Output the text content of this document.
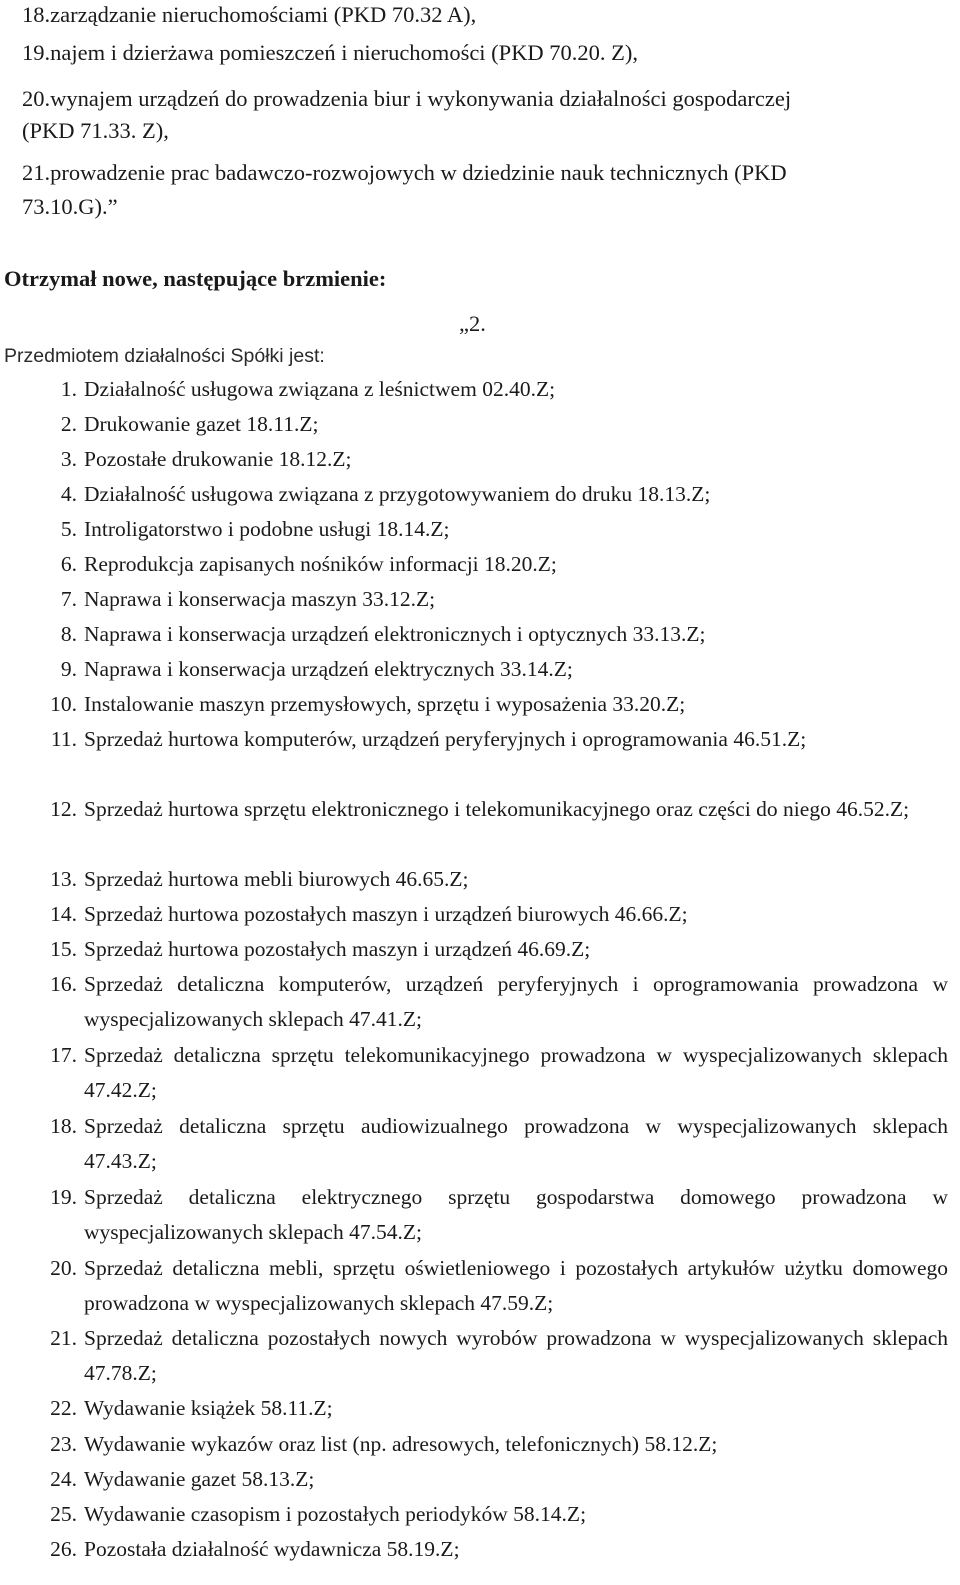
18.zarządzanie nieruchomościami (PKD 70.32 A),

19.najem i dzierżawa pomieszczeń i nieruchomości (PKD 70.20. Z),

20.wynajem urządzeń do prowadzenia biur i wykonywania działalności gospodarczej

(PKD 71.33. Z),

21.prowadzenie prac badawczo-rozwojowych w dziedzinie nauk technicznych (PKD

73.10.G).”

Otrzymał nowe, następujące brzmienie:

„2.

Przedmiotem działalności Spółki jest:

1. Działalność usługowa związana z leśnictwem 02.40.Z;
2. Drukowanie gazet 18.11.Z;
3. Pozostałe drukowanie 18.12.Z;
4. Działalność usługowa związana z przygotowywaniem do druku 18.13.Z;
5. Introligatorstwo i podobne usługi 18.14.Z;
6. Reprodukcja zapisanych nośników informacji 18.20.Z;
7. Naprawa i konserwacja maszyn 33.12.Z;
8. Naprawa i konserwacja urządzeń elektronicznych i optycznych 33.13.Z;
9. Naprawa i konserwacja urządzeń elektrycznych 33.14.Z;
10. Instalowanie maszyn przemysłowych, sprzętu i wyposażenia 33.20.Z;
11. Sprzedaż hurtowa komputerów, urządzeń peryferyjnych i oprogramowania 46.51.Z;
12. Sprzedaż hurtowa sprzętu elektronicznego i telekomunikacyjnego oraz części do niego 46.52.Z;
13. Sprzedaż hurtowa mebli biurowych 46.65.Z;
14. Sprzedaż hurtowa pozostałych maszyn i urządzeń biurowych 46.66.Z;
15. Sprzedaż hurtowa pozostałych maszyn i urządzeń 46.69.Z;
16. Sprzedaż detaliczna komputerów, urządzeń peryferyjnych i oprogramowania prowadzona w wyspecjalizowanych sklepach 47.41.Z;
17. Sprzedaż detaliczna sprzętu telekomunikacyjnego prowadzona w wyspecjalizowanych sklepach 47.42.Z;
18. Sprzedaż detaliczna sprzętu audiowizualnego prowadzona w wyspecjalizowanych sklepach 47.43.Z;
19. Sprzedaż detaliczna elektrycznego sprzętu gospodarstwa domowego prowadzona w wyspecjalizowanych sklepach 47.54.Z;
20. Sprzedaż detaliczna mebli, sprzętu oświetleniowego i pozostałych artykułów użytku domowego prowadzona w wyspecjalizowanych sklepach 47.59.Z;
21. Sprzedaż detaliczna pozostałych nowych wyrobów prowadzona w wyspecjalizowanych sklepach 47.78.Z;
22. Wydawanie książek 58.11.Z;
23. Wydawanie wykazów oraz list (np. adresowych, telefonicznych) 58.12.Z;
24. Wydawanie gazet 58.13.Z;
25. Wydawanie czasopism i pozostałych periodyków 58.14.Z;
26. Pozostała działalność wydawnicza 58.19.Z;
